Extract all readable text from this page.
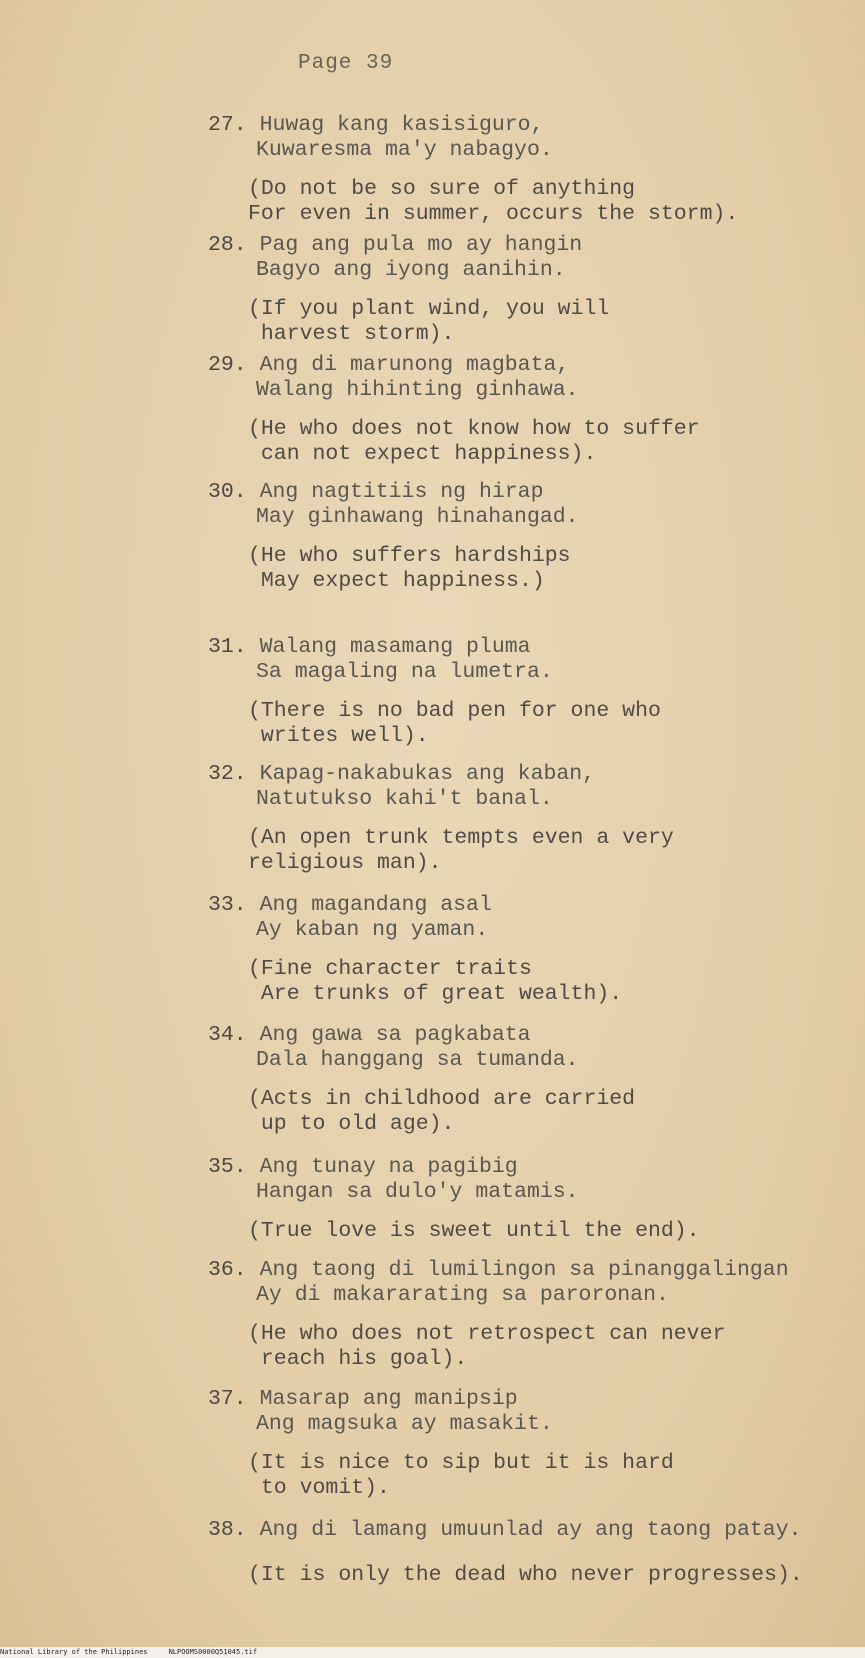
Page 39
27. Huwag kang kasisiguro,
Kuwaresma ma'y nabagyo.
(Do not be so sure of anything
For even in summer, occurs the storm).
28. Pag ang pula mo ay hangin
Bagyo ang iyong aanihin.
(If you plant wind, you will
harvest storm).
29. Ang di marunong magbata,
Walang hihinting ginhawa.
(He who does not know how to suffer
can not expect happiness).
30. Ang nagtitiis ng hirap
May ginhawang hinahangad.
(He who suffers hardships
May expect happiness.)
31. Walang masamang pluma
Sa magaling na lumetra.
(There is no bad pen for one who
writes well).
32. Kapag-nakabukas ang kaban,
Natutukso kahi't banal.
(An open trunk tempts even a very
religious man).
33. Ang magandang asal
Ay kaban ng yaman.
(Fine character traits
Are trunks of great wealth).
34. Ang gawa sa pagkabata
Dala hanggang sa tumanda.
(Acts in childhood are carried
up to old age).
35. Ang tunay na pagibig
Hangan sa dulo'y matamis.
(True love is sweet until the end).
36. Ang taong di lumilingon sa pinanggalingan
Ay di makararating sa paroronan.
(He who does not retrospect can never
reach his goal).
37. Masarap ang manipsip
Ang magsuka ay masakit.
(It is nice to sip but it is hard
to vomit).
38. Ang di lamang umuunlad ay ang taong patay.
(It is only the dead who never progresses).
National Library of the Philippines     NLPOOMS0000Q51045.tif
